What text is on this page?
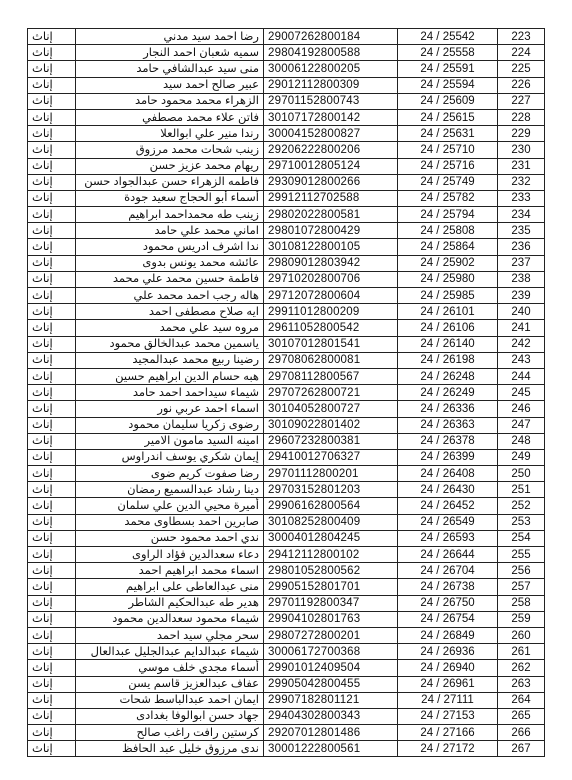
إناث	رضا احمد سيد مدني	29007262800184	24 / 25542	223
إناث	سميه شعبان احمد النجار	29804192800588	24 / 25558	224
إناث	منى سيد عبدالشافي حامد	30006122800205	24 / 25591	225
إناث	عبير صالح احمد سيد	29012112800309	24 / 25594	226
إناث	الزهراء محمد محمود حامد	29701152800743	24 / 25609	227
إناث	فاتن علاء محمد مصطفي	30107172800142	24 / 25615	228
إناث	رندا منير علي ابوالعلا	30004152800827	24 / 25631	229
إناث	زينب شحات محمد مرزوق	29206222800206	24 / 25710	230
إناث	ريهام محمد عزيز حسن	29710012805124	24 / 25716	231
إناث	فاطمه الزهراء حسن عبدالجواد حسن	29309012800266	24 / 25749	232
إناث	أسماء أبو الحجاج سعيد جودة	29912112702588	24 / 25782	233
إناث	زينب طه محمداحمد ابراهيم	29802022800581	24 / 25794	234
إناث	اماني محمد علي حامد	29801072800429	24 / 25808	235
إناث	ندا اشرف ادريس محمود	30108122800105	24 / 25864	236
إناث	عائشه محمد يونس بدوى	29809012803942	24 / 25902	237
إناث	فاطمة حسين محمد علي محمد	29710202800706	24 / 25980	238
إناث	هاله رجب احمد محمد علي	29712072800604	24 / 25985	239
إناث	ايه صلاح مصطفى احمد	29911012800209	24 / 26101	240
إناث	مروه سيد علي محمد	29611052800542	24 / 26106	241
إناث	ياسمين محمد عبدالخالق محمود	30107012801541	24 / 26140	242
إناث	رضينا ربيع محمد عبدالمجيد	29708062800081	24 / 26198	243
إناث	هبه حسام الدين ابراهيم حسين	29708112800567	24 / 26248	244
إناث	شيماء سيداحمد احمد حامد	29707262800721	24 / 26249	245
إناث	اسماء احمد عربي نور	30104052800727	24 / 26336	246
إناث	رضوى زكريا سليمان محمود	30109022801402	24 / 26363	247
إناث	امينه السيد مامون الامير	29607232800381	24 / 26378	248
إناث	إيمان شكري يوسف اندراوس	29410012706327	24 / 26399	249
إناث	رضا صفوت كريم ضوى	29701112800201	24 / 26408	250
إناث	دينا رشاد عبدالسميع رمضان	29703152801203	24 / 26430	251
إناث	أميرة محيي الدين علي سلمان	29906162800564	24 / 26452	252
إناث	صابرين احمد بسطاوى محمد	30108252800409	24 / 26549	253
إناث	ندي احمد محمود حسن	30004012804245	24 / 26593	254
إناث	دعاء سعدالدين فؤاد الراوى	29412112800102	24 / 26644	255
إناث	اسماء محمد ابراهيم احمد	29801052800562	24 / 26704	256
إناث	منى عبدالعاطى على ابراهيم	29905152801701	24 / 26738	257
إناث	هدير طه عبدالحكيم الشاطر	29701192800347	24 / 26750	258
إناث	شيماء محمود سعدالدين محمود	29904102801763	24 / 26754	259
إناث	سحر مجلي سيد احمد	29807272800201	24 / 26849	260
إناث	شيماء عبدالدايم عبدالجليل عبدالعال	30006172700368	24 / 26936	261
إناث	أسماء مجدي خلف موسي	29901012409504	24 / 26940	262
إناث	عفاف عبدالعزيز قاسم يسن	29905042800455	24 / 26961	263
إناث	ايمان احمد عبدالباسط شحات	29907182801121	24 / 27111	264
إناث	جهاد حسن ابوالوفا بغدادى	29404302800343	24 / 27153	265
إناث	كرستين رافت راغب صالح	29207012801486	24 / 27166	266
إناث	ندى مرزوق خليل عبد الحافظ	30001222800561	24 / 27172	267
